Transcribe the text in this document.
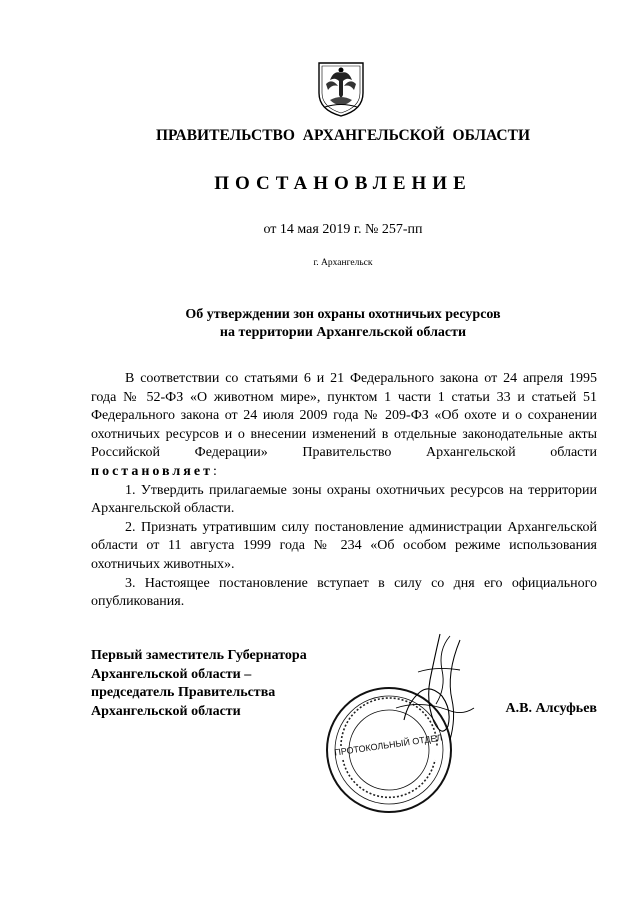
ПРАВИТЕЛЬСТВО АРХАНГЕЛЬСКОЙ ОБЛАСТИ
ПОСТАНОВЛЕНИЕ
от 14 мая 2019 г. № 257-пп
г. Архангельск
Об утверждении зон охраны охотничьих ресурсов
на территории Архангельской области

В соответствии со статьями 6 и 21 Федерального закона от 24 апреля 1995 года № 52-ФЗ «О животном мире», пунктом 1 части 1 статьи 33 и статьей 51 Федерального закона от 24 июля 2009 года № 209-ФЗ «Об охоте и о сохранении охотничьих ресурсов и о внесении изменений в отдельные законодательные акты Российской Федерации» Правительство Архангельской области постановляет:

1. Утвердить прилагаемые зоны охраны охотничьих ресурсов на территории Архангельской области.

2. Признать утратившим силу постановление администрации Архангельской области от 11 августа 1999 года № 234 «Об особом режиме использования охотничьих животных».

3. Настоящее постановление вступает в силу со дня его официального опубликования.

Первый заместитель Губернатора
Архангельской области –
председатель Правительства
Архангельской области	А.В. Алсуфьев
ПРОТОКОЛЬНЫЙ ОТДЕЛ
